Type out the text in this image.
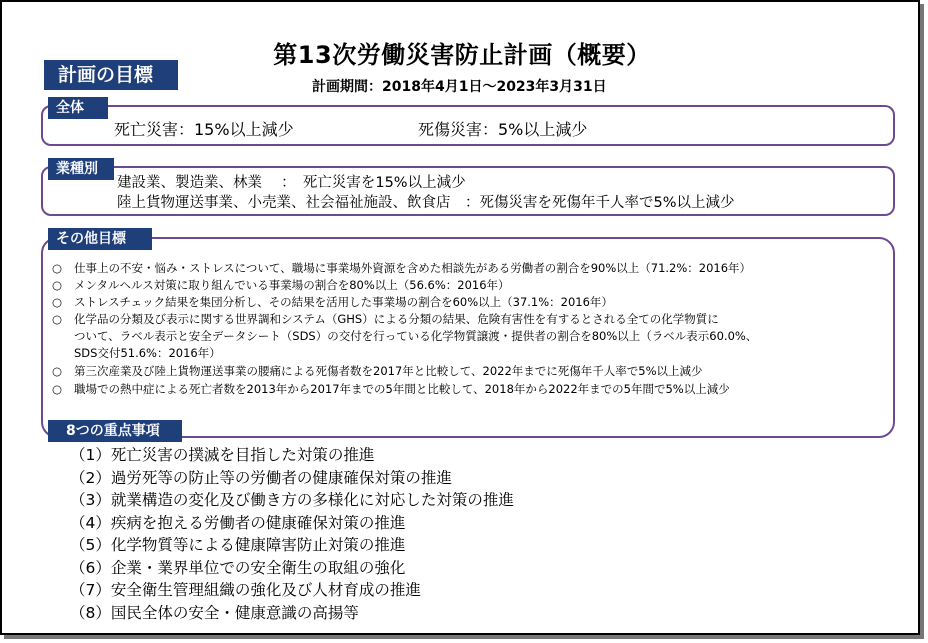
第13次労働災害防止計画（概要）
計画期間：2018年4月1日～2023年3月31日
計画の目標
全体
死亡災害：15%以上減少	死傷災害：5%以上減少
業種別
建設業、製造業、林業 　：　死亡災害を15%以上減少
陸上貨物運送事業、小売業、社会福祉施設、飲食店　：死傷災害を死傷年千人率で5%以上減少
その他目標
○ 仕事上の不安・悩み・ストレスについて、職場に事業場外資源を含めた相談先がある労働者の割合を90%以上（71.2%：2016年）
○ メンタルヘルス対策に取り組んでいる事業場の割合を80%以上（56.6%：2016年）
○ ストレスチェック結果を集団分析し、その結果を活用した事業場の割合を60%以上（37.1%：2016年）
○ 化学品の分類及び表示に関する世界調和システム（GHS）による分類の結果、危険有害性を有するとされる全ての化学物質に
ついて、ラベル表示と安全データシート（SDS）の交付を行っている化学物質譲渡・提供者の割合を80%以上（ラベル表示60.0%、
SDS交付51.6%：2016年）
○ 第三次産業及び陸上貨物運送事業の腰痛による死傷者数を2017年と比較して、2022年までに死傷年千人率で5%以上減少
○ 職場での熱中症による死亡者数を2013年から2017年までの5年間と比較して、2018年から2022年までの5年間で5%以上減少
8つの重点事項
（1）死亡災害の撲滅を目指した対策の推進
（2）過労死等の防止等の労働者の健康確保対策の推進
（3）就業構造の変化及び働き方の多様化に対応した対策の推進
（4）疾病を抱える労働者の健康確保対策の推進
（5）化学物質等による健康障害防止対策の推進
（6）企業・業界単位での安全衛生の取組の強化
（7）安全衛生管理組織の強化及び人材育成の推進
（8）国民全体の安全・健康意識の高揚等
